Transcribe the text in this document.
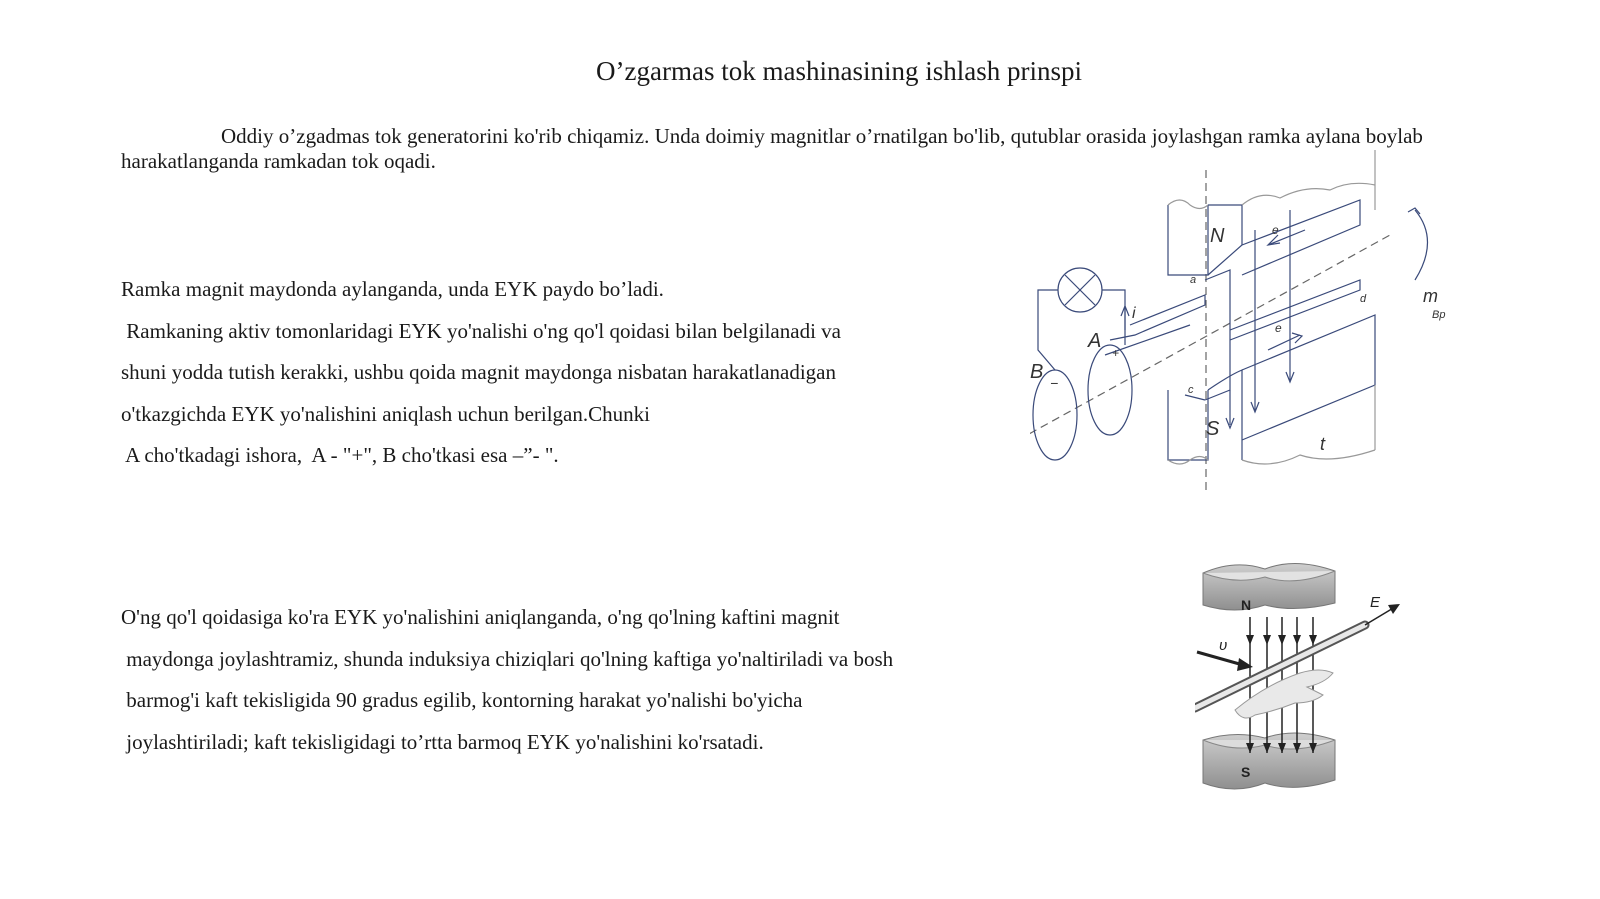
O’zgarmas tok mashinasining ishlash prinspi
Oddiy o’zgadmas tok generatorini ko'rib chiqamiz. Unda doimiy magnitlar o’rnatilgan bo'lib, qutublar orasida joylashgan ramka aylana boylab harakatlanganda ramkadan tok oqadi.
Ramka magnit maydonda aylanganda, unda EYK paydo bo’ladi.
Ramkaning aktiv tomonlaridagi EYK yo'nalishi o'ng qo'l qoidasi bilan belgilanadi va
shuni yodda tutish kerakki, ushbu qoida magnit maydonga nisbatan harakatlanadigan
o'tkazgichda EYK yo'nalishini aniqlash uchun berilgan.Chunki
A cho'tkadagi ishora,  A - "+", B cho'tkasi esa –”- ".
O'ng qo'l qoidasiga ko'ra EYK yo'nalishini aniqlanganda, o'ng qo'lning kaftini magnit
maydonga joylashtramiz, shunda induksiya chiziqlari qo'lning kaftiga yo'naltiriladi va bosh
barmog'i kaft tekisligida 90 gradus egilib, kontorning harakat yo'nalishi bo'yicha
joylashtiriladi; kaft tekisligidagi to’rtta barmoq EYK yo'nalishini ko'rsatadi.
N
S
A
B
i
e
e
a
d
c
m
Bp
t
+
−
N
S
E
υ
